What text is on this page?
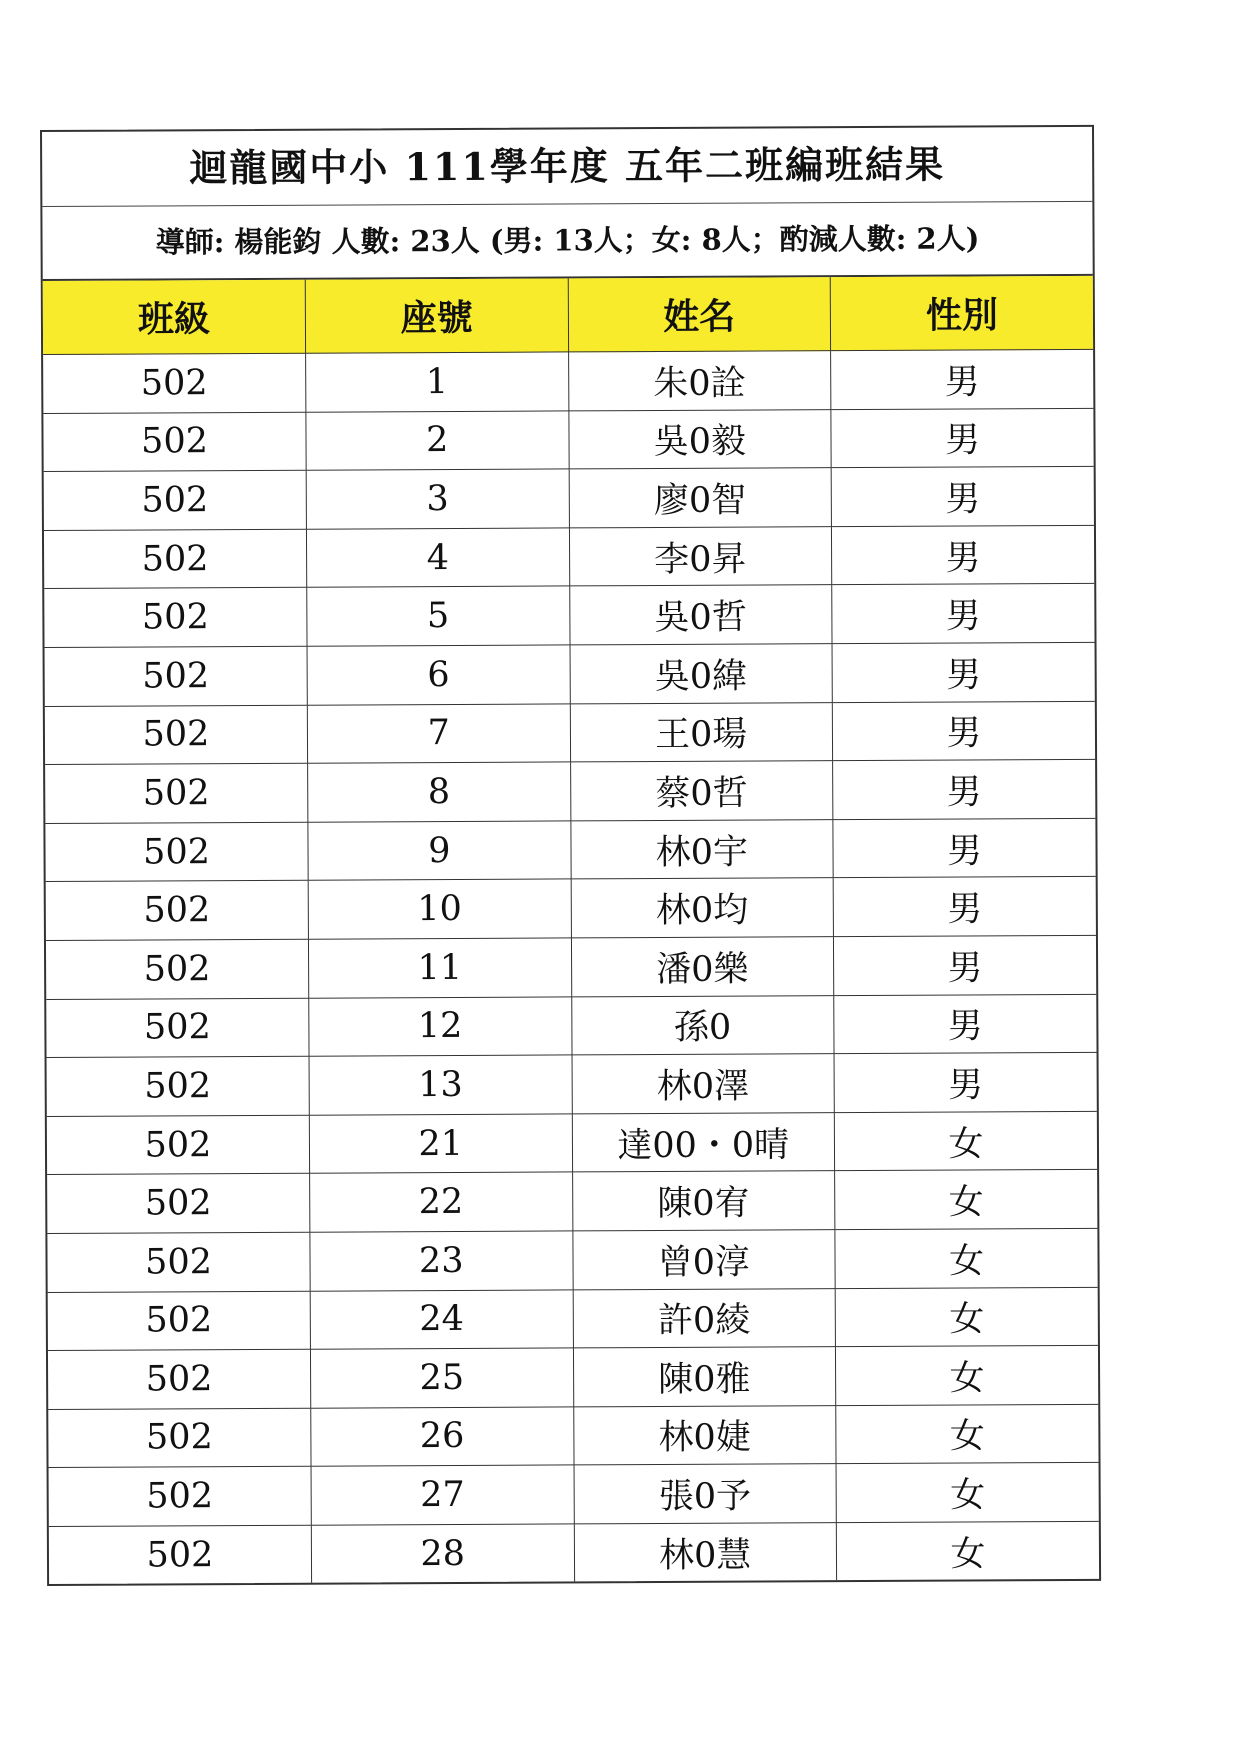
迴龍國中小 111學年度 五年二班編班結果
導師: 楊能鈞 人數: 23人 (男: 13人；女: 8人；酌減人數: 2人)
班級	座號	姓名	性別
502	1	朱0詮	男
502	2	吳0毅	男
502	3	廖0智	男
502	4	李0昇	男
502	5	吳0哲	男
502	6	吳0緯	男
502	7	王0瑒	男
502	8	蔡0哲	男
502	9	林0宇	男
502	10	林0均	男
502	11	潘0樂	男
502	12	孫0	男
502	13	林0澤	男
502	21	達00・0晴	女
502	22	陳0宥	女
502	23	曾0淳	女
502	24	許0綾	女
502	25	陳0雅	女
502	26	林0婕	女
502	27	張0予	女
502	28	林0慧	女
